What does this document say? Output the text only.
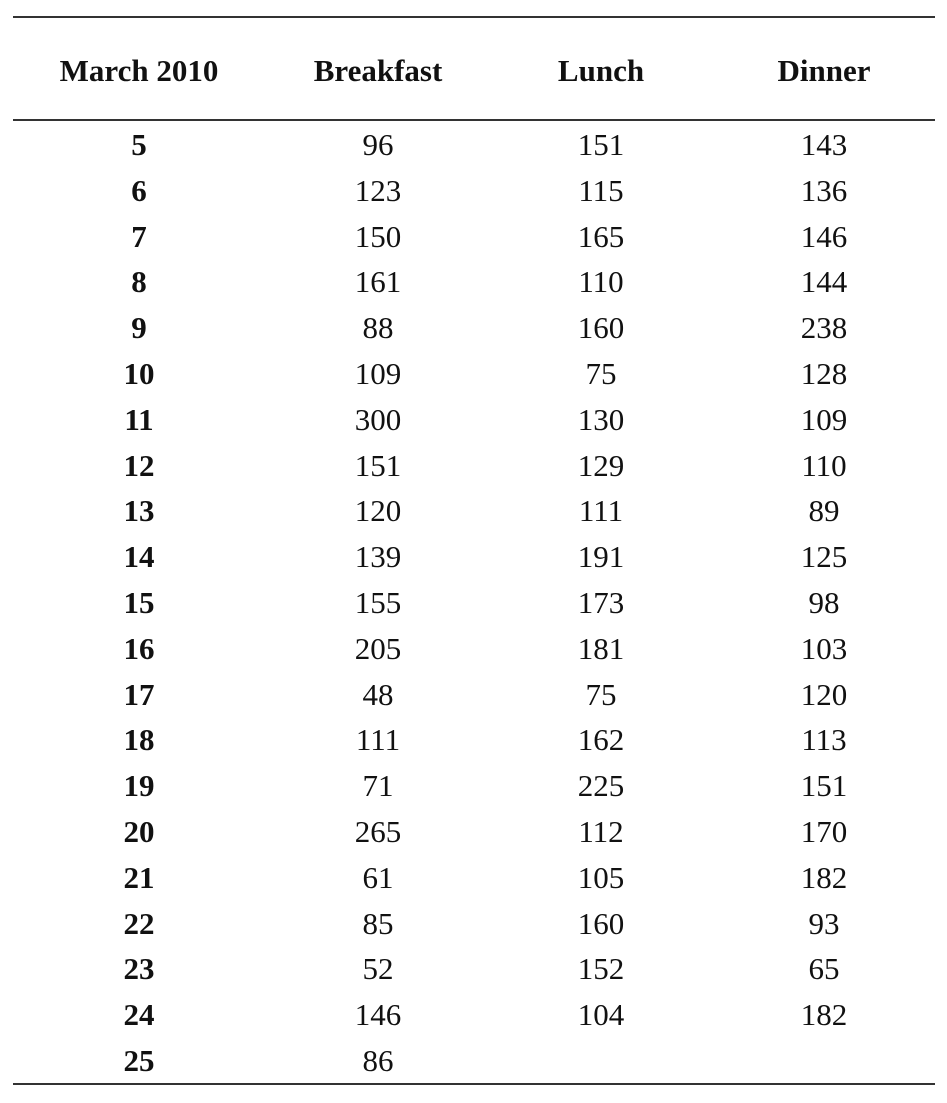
March 2010	Breakfast	Lunch	Dinner
5	96	151	143
6	123	115	136
7	150	165	146
8	161	110	144
9	88	160	238
10	109	75	128
11	300	130	109
12	151	129	110
13	120	111	89
14	139	191	125
15	155	173	98
16	205	181	103
17	48	75	120
18	111	162	113
19	71	225	151
20	265	112	170
21	61	105	182
22	85	160	93
23	52	152	65
24	146	104	182
25	86
